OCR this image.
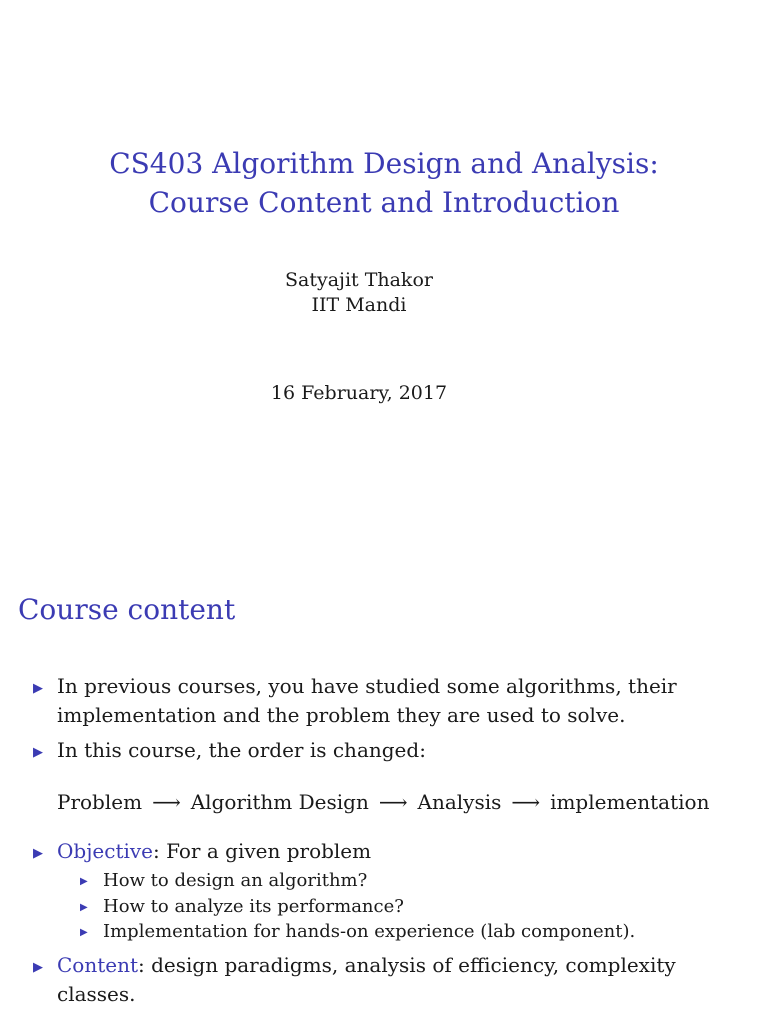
CS403 Algorithm Design and Analysis:
Course Content and Introduction
Satyajit Thakor
IIT Mandi
16 February, 2017
Course content
▶ In previous courses, you have studied some algorithms, their
implementation and the problem they are used to solve.
▶ In this course, the order is changed:
Problem ⟶ Algorithm Design ⟶ Analysis ⟶ implementation
▶ Objective: For a given problem
▶ How to design an algorithm?
▶ How to analyze its performance?
▶ Implementation for hands-on experience (lab component).
▶ Content: design paradigms, analysis of efficiency, complexity
classes.
